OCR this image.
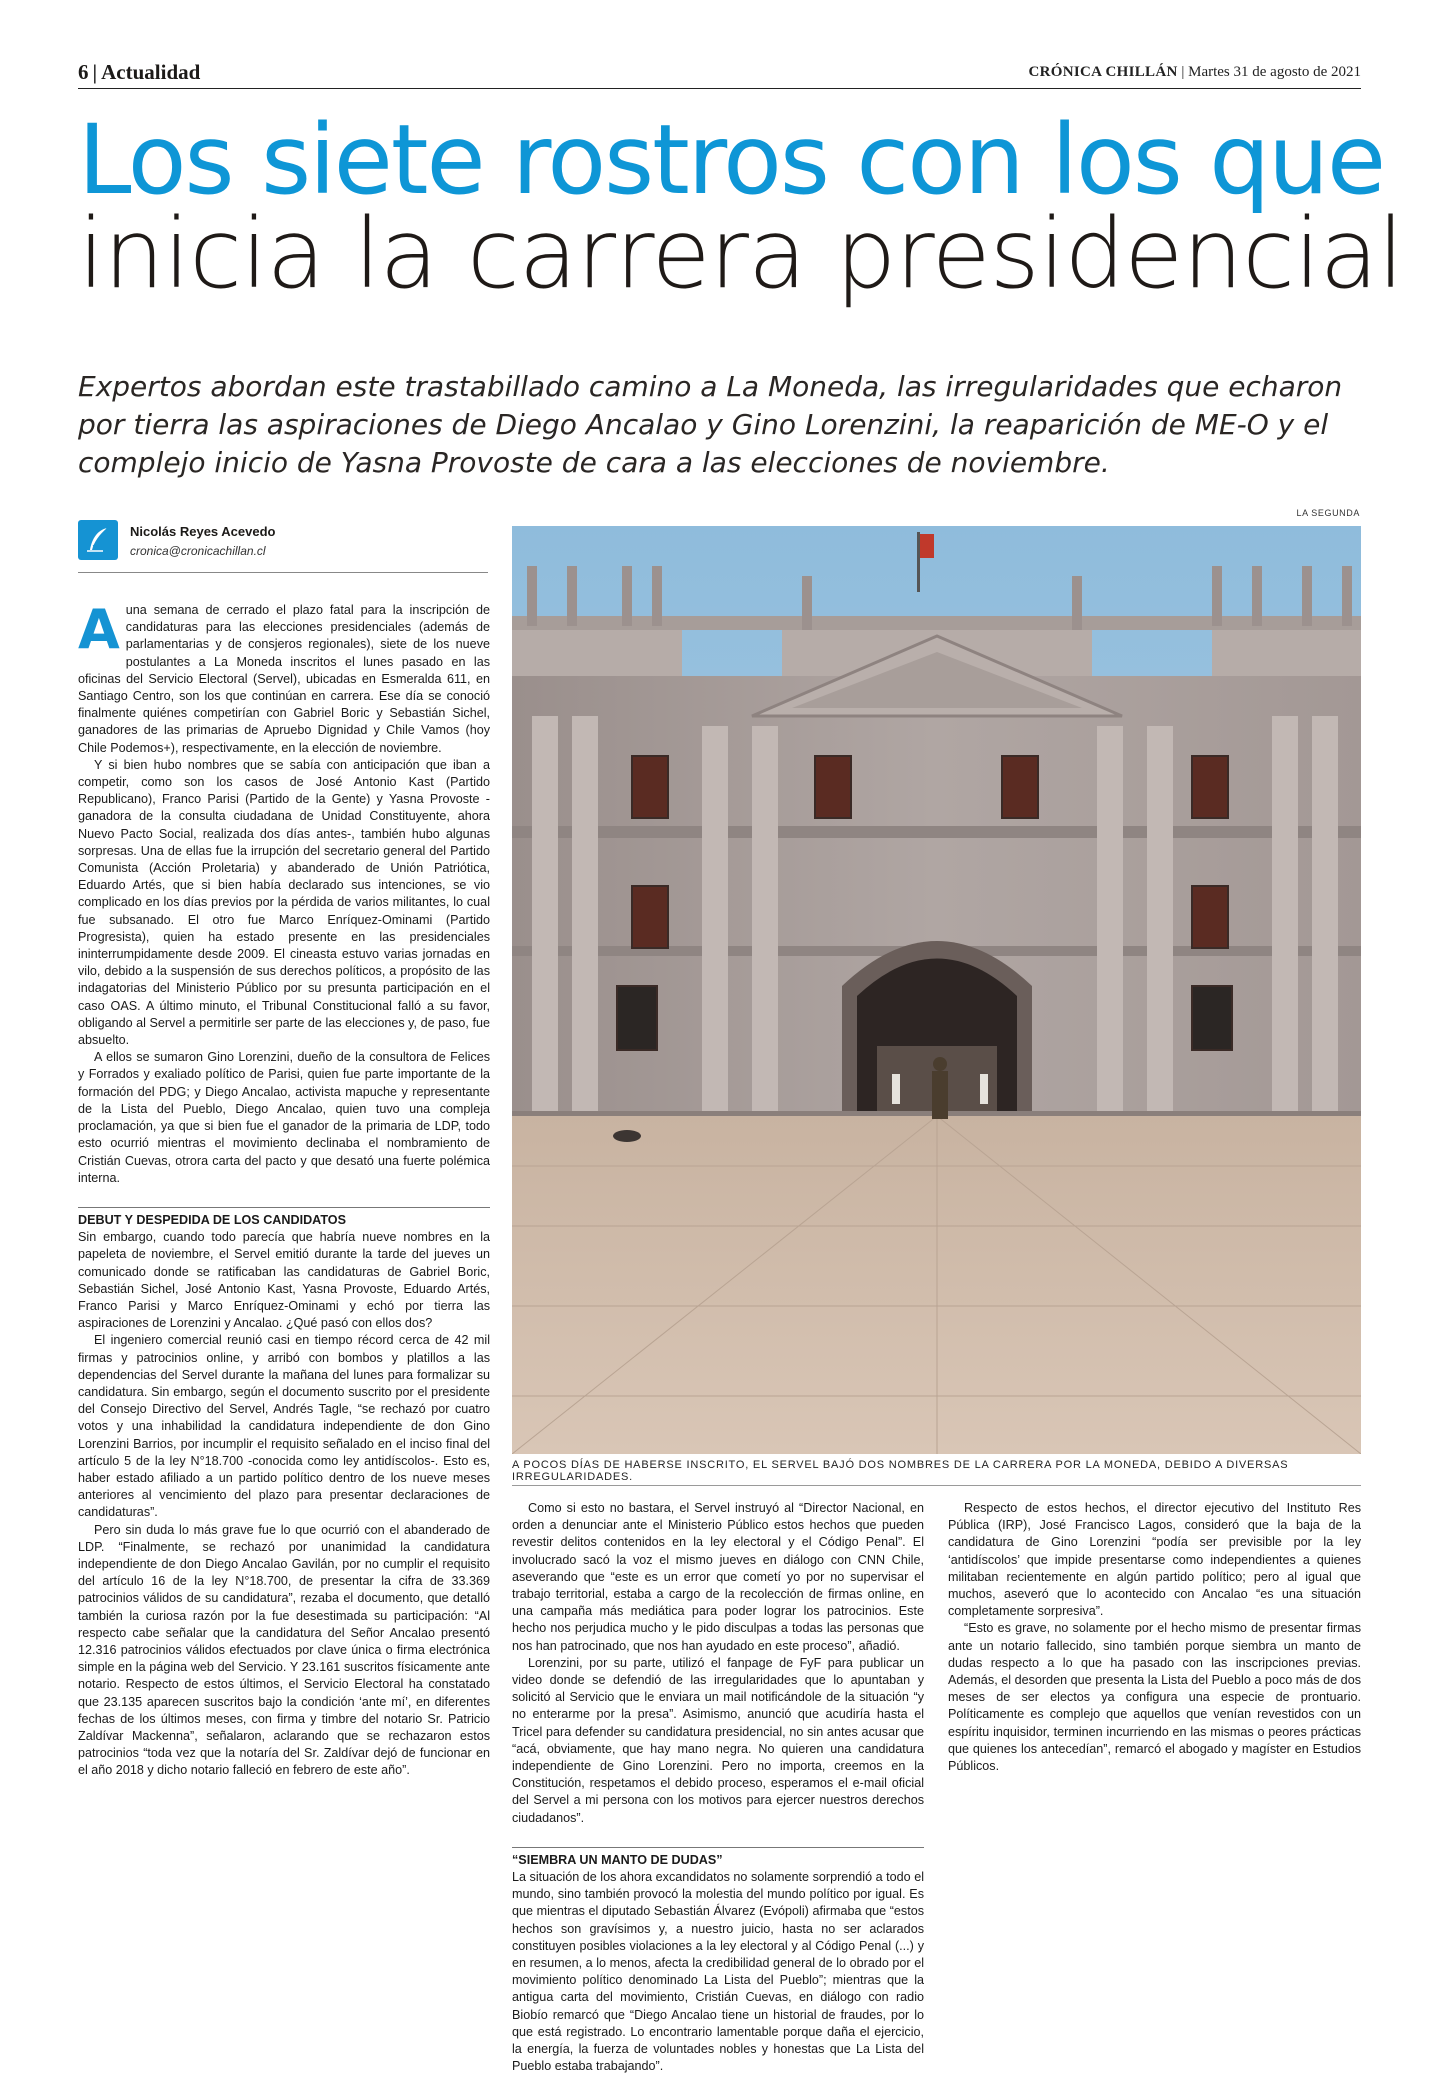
6 | Actualidad	CRÓNICA CHILLÁN | Martes 31 de agosto de 2021
Los siete rostros con los que
inicia la carrera presidencial

Expertos abordan este trastabillado camino a La Moneda, las irregularidades que echaron por tierra las aspiraciones de Diego Ancalao y Gino Lorenzini, la reaparición de ME-O y el complejo inicio de Yasna Provoste de cara a las elecciones de noviembre.

Nicolás Reyes Acevedo
cronica@cronicachillan.cl
LA SEGUNDA
A POCOS DÍAS DE HABERSE INSCRITO, EL SERVEL BAJÓ DOS NOMBRES DE LA CARRERA POR LA MONEDA, DEBIDO A DIVERSAS IRREGULARIDADES.

Auna semana de cerrado el plazo fatal para la inscripción de candidaturas para las elecciones presidenciales (además de parlamentarias y de consjeros regionales), siete de los nueve postulantes a La Moneda inscritos el lunes pasado en las oficinas del Servicio Electoral (Servel), ubicadas en Esmeralda 611, en Santiago Centro, son los que continúan en carrera. Ese día se conoció finalmente quiénes competirían con Gabriel Boric y Sebastián Sichel, ganadores de las primarias de Apruebo Dignidad y Chile Vamos (hoy Chile Podemos+), respectivamente, en la elección de noviembre.

Y si bien hubo nombres que se sabía con anticipación que iban a competir, como son los casos de José Antonio Kast (Partido Republicano), Franco Parisi (Partido de la Gente) y Yasna Provoste -ganadora de la consulta ciudadana de Unidad Constituyente, ahora Nuevo Pacto Social, realizada dos días antes-, también hubo algunas sorpresas. Una de ellas fue la irrupción del secretario general del Partido Comunista (Acción Proletaria) y abanderado de Unión Patriótica, Eduardo Artés, que si bien había declarado sus intenciones, se vio complicado en los días previos por la pérdida de varios militantes, lo cual fue subsanado. El otro fue Marco Enríquez-Ominami (Partido Progresista), quien ha estado presente en las presidenciales ininterrumpidamente desde 2009. El cineasta estuvo varias jornadas en vilo, debido a la suspensión de sus derechos políticos, a propósito de las indagatorias del Ministerio Público por su presunta participación en el caso OAS. A último minuto, el Tribunal Constitucional falló a su favor, obligando al Servel a permitirle ser parte de las elecciones y, de paso, fue absuelto.

A ellos se sumaron Gino Lorenzini, dueño de la consultora de Felices y Forrados y exaliado político de Parisi, quien fue parte importante de la formación del PDG; y Diego Ancalao, activista mapuche y representante de la Lista del Pueblo, Diego Ancalao, quien tuvo una compleja proclamación, ya que si bien fue el ganador de la primaria de LDP, todo esto ocurrió mientras el movimiento declinaba el nombramiento de Cristián Cuevas, otrora carta del pacto y que desató una fuerte polémica interna.

DEBUT Y DESPEDIDA DE LOS CANDIDATOS

Sin embargo, cuando todo parecía que habría nueve nombres en la papeleta de noviembre, el Servel emitió durante la tarde del jueves un comunicado donde se ratificaban las candidaturas de Gabriel Boric, Sebastián Sichel, José Antonio Kast, Yasna Provoste, Eduardo Artés, Franco Parisi y Marco Enríquez-Ominami y echó por tierra las aspiraciones de Lorenzini y Ancalao. ¿Qué pasó con ellos dos?

El ingeniero comercial reunió casi en tiempo récord cerca de 42 mil firmas y patrocinios online, y arribó con bombos y platillos a las dependencias del Servel durante la mañana del lunes para formalizar su candidatura. Sin embargo, según el documento suscrito por el presidente del Consejo Directivo del Servel, Andrés Tagle, “se rechazó por cuatro votos y una inhabilidad la candidatura independiente de don Gino Lorenzini Barrios, por incumplir el requisito señalado en el inciso final del artículo 5 de la ley N°18.700 -conocida como ley antidíscolos-. Esto es, haber estado afiliado a un partido político dentro de los nueve meses anteriores al vencimiento del plazo para presentar declaraciones de candidaturas”.

Pero sin duda lo más grave fue lo que ocurrió con el abanderado de LDP. “Finalmente, se rechazó por unanimidad la candidatura independiente de don Diego Ancalao Gavilán, por no cumplir el requisito del artículo 16 de la ley N°18.700, de presentar la cifra de 33.369 patrocinios válidos de su candidatura”, rezaba el documento, que detalló también la curiosa razón por la fue desestimada su participación: “Al respecto cabe señalar que la candidatura del Señor Ancalao presentó 12.316 patrocinios válidos efectuados por clave única o firma electrónica simple en la página web del Servicio. Y 23.161 suscritos físicamente ante notario. Respecto de estos últimos, el Servicio Electoral ha constatado que 23.135 aparecen suscritos bajo la condición ‘ante mí’, en diferentes fechas de los últimos meses, con firma y timbre del notario Sr. Patricio Zaldívar Mackenna”, señalaron, aclarando que se rechazaron estos patrocinios “toda vez que la notaría del Sr. Zaldívar dejó de funcionar en el año 2018 y dicho notario falleció en febrero de este año”.

Como si esto no bastara, el Servel instruyó al “Director Nacional, en orden a denunciar ante el Ministerio Público estos hechos que pueden revestir delitos contenidos en la ley electoral y el Código Penal”. El involucrado sacó la voz el mismo jueves en diálogo con CNN Chile, aseverando que “este es un error que cometí yo por no supervisar el trabajo territorial, estaba a cargo de la recolección de firmas online, en una campaña más mediática para poder lograr los patrocinios. Este hecho nos perjudica mucho y le pido disculpas a todas las personas que nos han patrocinado, que nos han ayudado en este proceso”, añadió.

Lorenzini, por su parte, utilizó el fanpage de FyF para publicar un video donde se defendió de las irregularidades que lo apuntaban y solicitó al Servicio que le enviara un mail notificándole de la situación “y no enterarme por la presa”. Asimismo, anunció que acudiría hasta el Tricel para defender su candidatura presidencial, no sin antes acusar que “acá, obviamente, que hay mano negra. No quieren una candidatura independiente de Gino Lorenzini. Pero no importa, creemos en la Constitución, respetamos el debido proceso, esperamos el e-mail oficial del Servel a mi persona con los motivos para ejercer nuestros derechos ciudadanos”.

“SIEMBRA UN MANTO DE DUDAS”

La situación de los ahora excandidatos no solamente sorprendió a todo el mundo, sino también provocó la molestia del mundo político por igual. Es que mientras el diputado Sebastián Álvarez (Evópoli) afirmaba que “estos hechos son gravísimos y, a nuestro juicio, hasta no ser aclarados constituyen posibles violaciones a la ley electoral y al Código Penal (...) y en resumen, a lo menos, afecta la credibilidad general de lo obrado por el movimiento político denominado La Lista del Pueblo”; mientras que la antigua carta del movimiento, Cristián Cuevas, en diálogo con radio Biobío remarcó que “Diego Ancalao tiene un historial de fraudes, por lo que está registrado. Lo encontrario lamentable porque daña el ejercicio, la energía, la fuerza de voluntades nobles y honestas que La Lista del Pueblo estaba trabajando”.

Respecto de estos hechos, el director ejecutivo del Instituto Res Pública (IRP), José Francisco Lagos, consideró que la baja de la candidatura de Gino Lorenzini “podía ser previsible por la ley ‘antidíscolos’ que impide presentarse como independientes a quienes militaban recientemente en algún partido político; pero al igual que muchos, aseveró que lo acontecido con Ancalao “es una situación completamente sorpresiva”.

“Esto es grave, no solamente por el hecho mismo de presentar firmas ante un notario fallecido, sino también porque siembra un manto de dudas respecto a lo que ha pasado con las inscripciones previas. Además, el desorden que presenta la Lista del Pueblo a poco más de dos meses de ser electos ya configura una especie de prontuario. Políticamente es complejo que aquellos que venían revestidos con un espíritu inquisidor, terminen incurriendo en las mismas o peores prácticas que quienes los antecedían”, remarcó el abogado y magíster en Estudios Públicos.
